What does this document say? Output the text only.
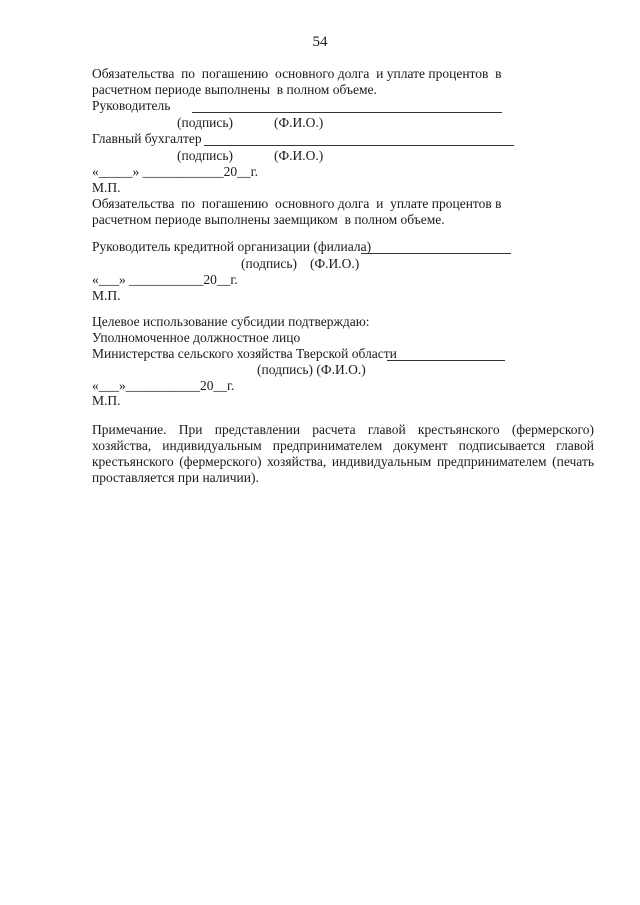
54
Обязательства  по  погашению  основного долга  и уплате процентов  в
расчетном периоде выполнены  в полном объеме.
Руководитель
(подпись)	(Ф.И.О.)
Главный бухгалтер
(подпись)	(Ф.И.О.)
«_____» ____________20__г.
М.П.
Обязательства  по  погашению  основного долга  и  уплате процентов в
расчетном периоде выполнены заемщиком  в полном объеме.
Руководитель кредитной организации (филиала)
(подпись) (Ф.И.О.)
«___» ___________20__г.
М.П.
Целевое использование субсидии подтверждаю:
Уполномоченное должностное лицо
Министерства сельского хозяйства Тверской области
(подпись) (Ф.И.О.)
«___»___________20__г.
М.П.
Примечание. При представлении расчета главой крестьянского (фермерского) хозяйства, индивидуальным предпринимателем документ подписывается главой крестьянского (фермерского) хозяйства, индивидуальным предпринимателем (печать проставляется при наличии).
